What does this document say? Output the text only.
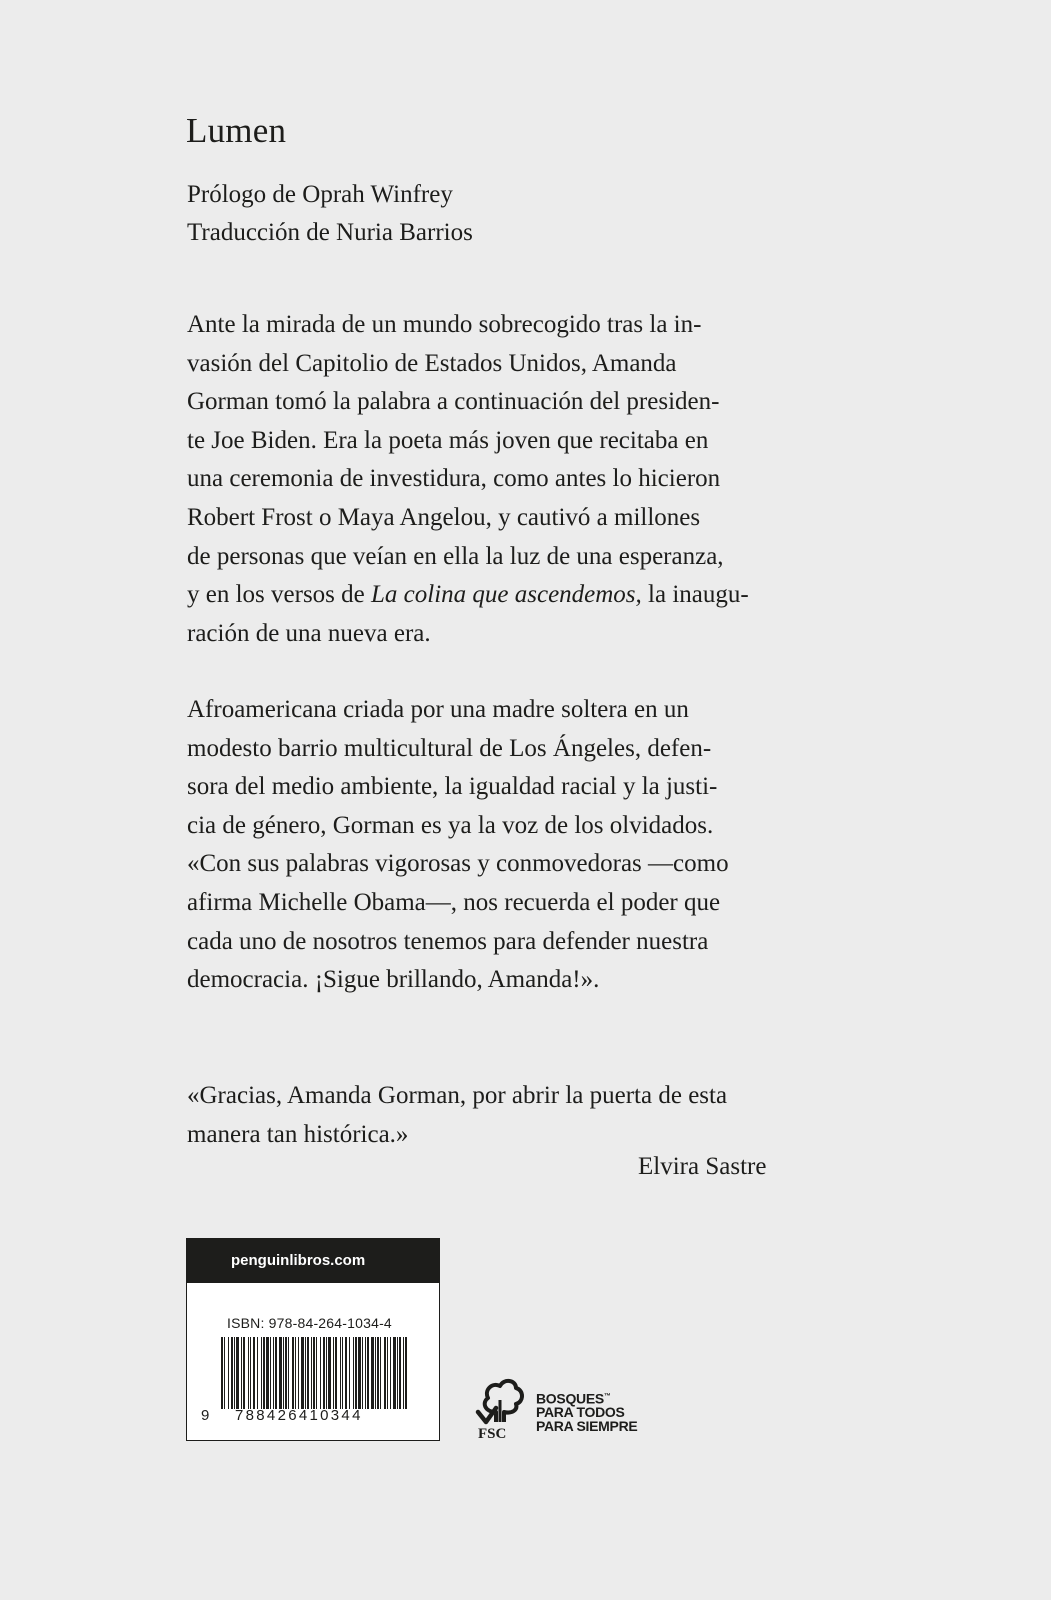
Lumen
Prólogo de Oprah Winfrey
Traducción de Nuria Barrios
Ante la mirada de un mundo sobrecogido tras la in-
vasión del Capitolio de Estados Unidos, Amanda
Gorman tomó la palabra a continuación del presiden-
te Joe Biden. Era la poeta más joven que recitaba en
una ceremonia de investidura, como antes lo hicieron
Robert Frost o Maya Angelou, y cautivó a millones
de personas que veían en ella la luz de una esperanza,
y en los versos de La colina que ascendemos, la inaugu-
ración de una nueva era.
Afroamericana criada por una madre soltera en un
modesto barrio multicultural de Los Ángeles, defen-
sora del medio ambiente, la igualdad racial y la justi-
cia de género, Gorman es ya la voz de los olvidados.
«Con sus palabras vigorosas y conmovedoras —como
afirma Michelle Obama—, nos recuerda el poder que
cada uno de nosotros tenemos para defender nuestra
democracia. ¡Sigue brillando, Amanda!».
«Gracias, Amanda Gorman, por abrir la puerta de esta
manera tan histórica.»
Elvira Sastre
penguinlibros.com
ISBN: 978-84-264-1034-4
9 788426410344
FSC
BOSQUES™
PARA TODOS
PARA SIEMPRE
